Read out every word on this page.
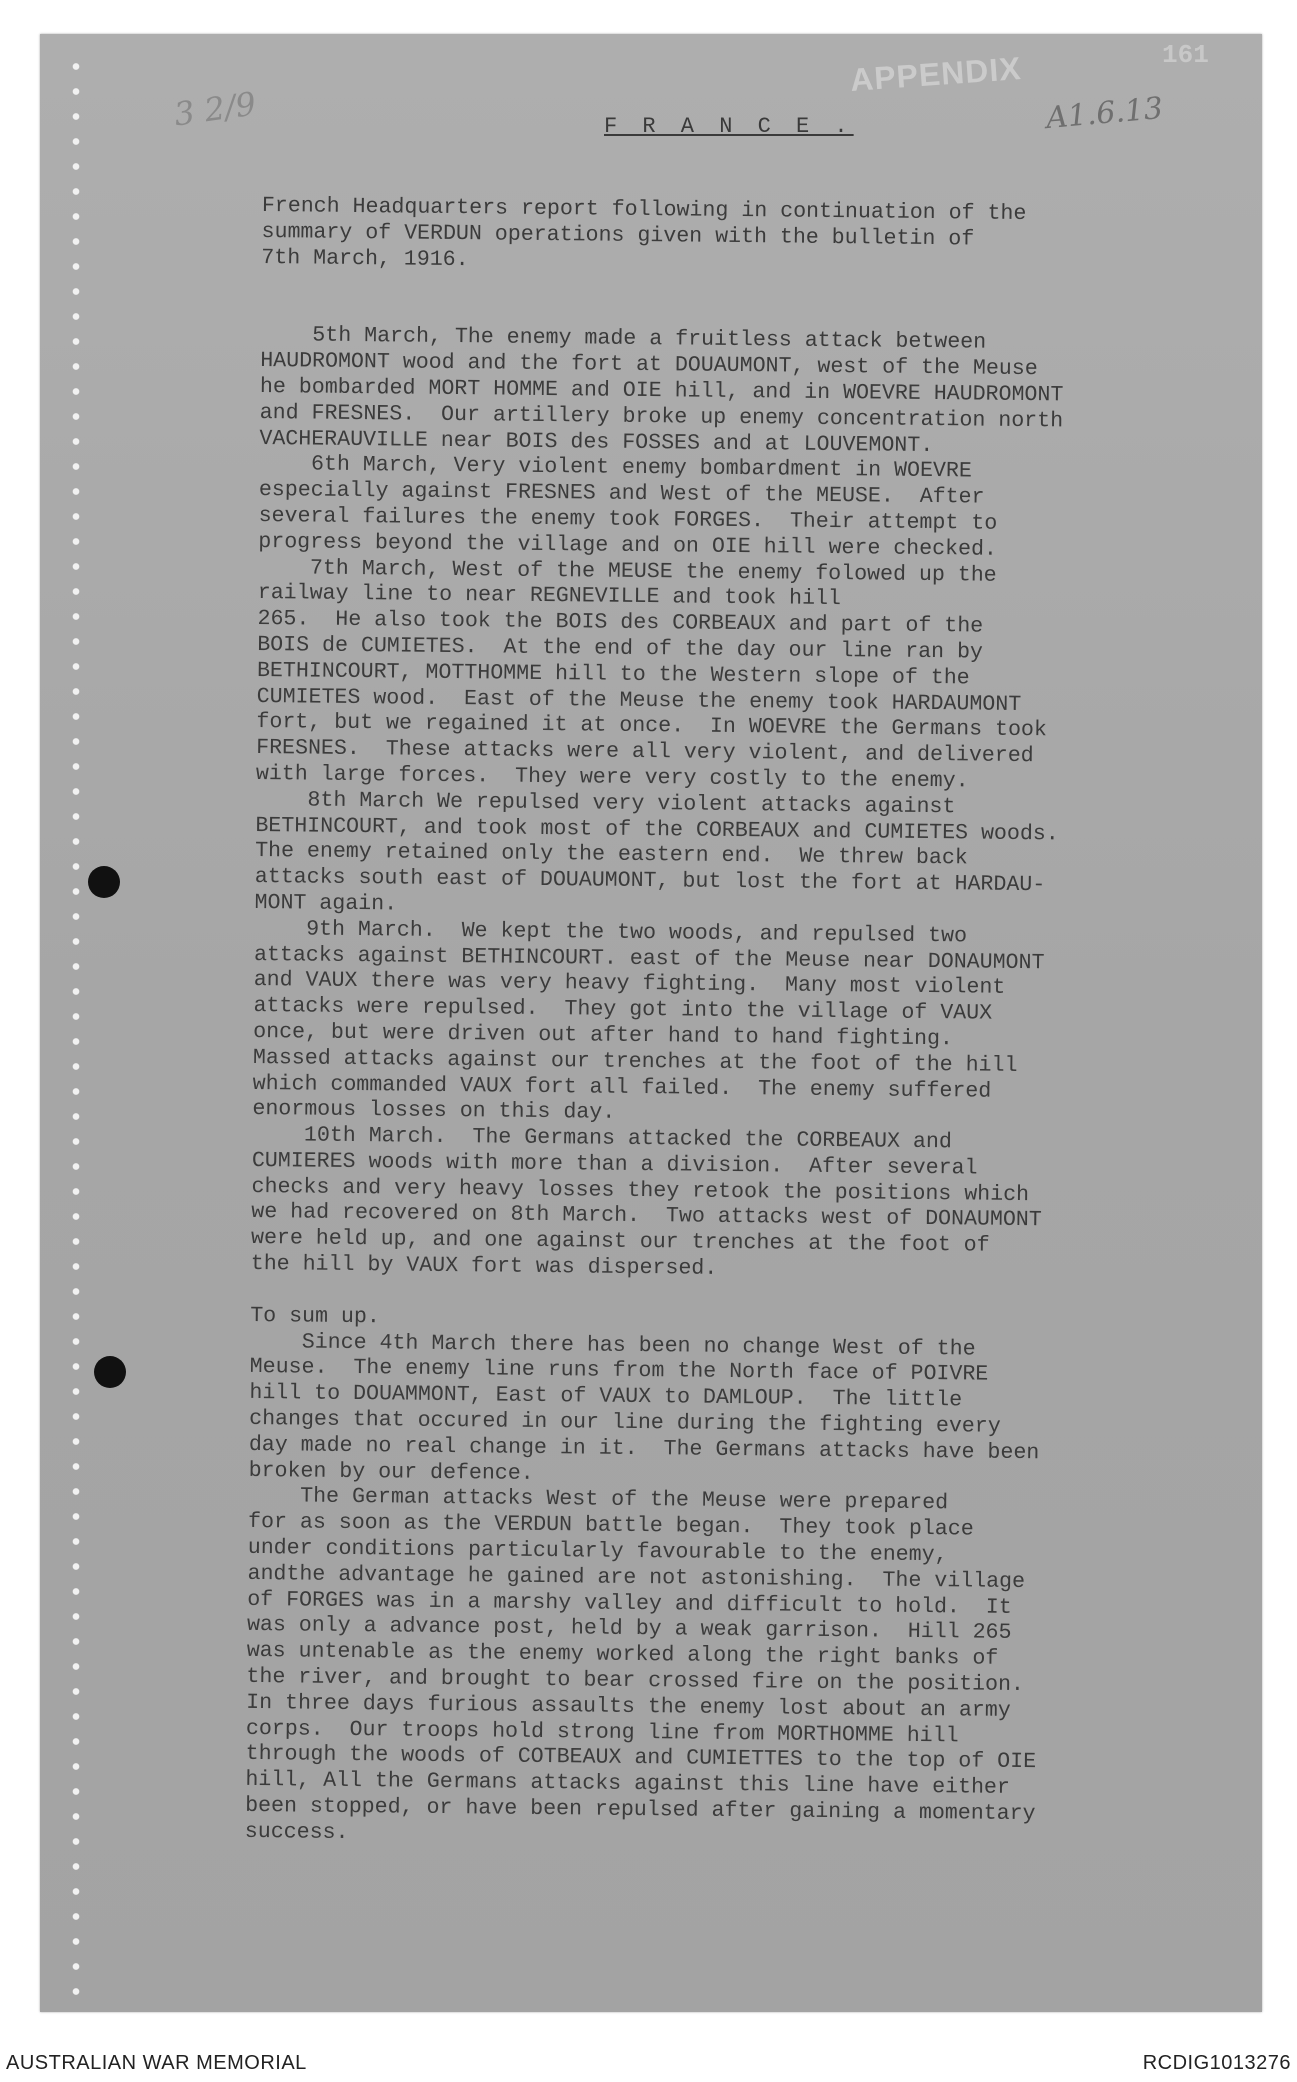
3 2/9
APPENDIX	161
A1.6.13
F R A N C E .
French Headquarters report following in continuation of the
summary of VERDUN operations given with the bulletin of
7th March, 1916.
5th March, The enemy made a fruitless attack between
HAUDROMONT wood and the fort at DOUAUMONT, west of the Meuse
he bombarded MORT HOMME and OIE hill, and in WOEVRE HAUDROMONT
and FRESNES.  Our artillery broke up enemy concentration north
VACHERAUVILLE near BOIS des FOSSES and at LOUVEMONT.
6th March, Very violent enemy bombardment in WOEVRE
especially against FRESNES and West of the MEUSE.  After
several failures the enemy took FORGES.  Their attempt to
progress beyond the village and on OIE hill were checked.
7th March, West of the MEUSE the enemy folowed up the
railway line to near REGNEVILLE and took hill
265.  He also took the BOIS des CORBEAUX and part of the
BOIS de CUMIETES.  At the end of the day our line ran by
BETHINCOURT, MOTTHOMME hill to the Western slope of the
CUMIETES wood.  East of the Meuse the enemy took HARDAUMONT
fort, but we regained it at once.  In WOEVRE the Germans took
FRESNES.  These attacks were all very violent, and delivered
with large forces.  They were very costly to the enemy.
8th March We repulsed very violent attacks against
BETHINCOURT, and took most of the CORBEAUX and CUMIETES woods.
The enemy retained only the eastern end.  We threw back
attacks south east of DOUAUMONT, but lost the fort at HARDAU-
MONT again.
9th March.  We kept the two woods, and repulsed two
attacks against BETHINCOURT. east of the Meuse near DONAUMONT
and VAUX there was very heavy fighting.  Many most violent
attacks were repulsed.  They got into the village of VAUX
once, but were driven out after hand to hand fighting.
Massed attacks against our trenches at the foot of the hill
which commanded VAUX fort all failed.  The enemy suffered
enormous losses on this day.
10th March.  The Germans attacked the CORBEAUX and
CUMIERES woods with more than a division.  After several
checks and very heavy losses they retook the positions which
we had recovered on 8th March.  Two attacks west of DONAUMONT
were held up, and one against our trenches at the foot of
the hill by VAUX fort was dispersed.
To sum up.
Since 4th March there has been no change West of the
Meuse.  The enemy line runs from the North face of POIVRE
hill to DOUAMMONT, East of VAUX to DAMLOUP.  The little
changes that occured in our line during the fighting every
day made no real change in it.  The Germans attacks have been
broken by our defence.
The German attacks West of the Meuse were prepared
for as soon as the VERDUN battle began.  They took place
under conditions particularly favourable to the enemy,
andthe advantage he gained are not astonishing.  The village
of FORGES was in a marshy valley and difficult to hold.  It
was only a advance post, held by a weak garrison.  Hill 265
was untenable as the enemy worked along the right banks of
the river, and brought to bear crossed fire on the position.
In three days furious assaults the enemy lost about an army
corps.  Our troops hold strong line from MORTHOMME hill
through the woods of COTBEAUX and CUMIETTES to the top of OIE
hill, All the Germans attacks against this line have either
been stopped, or have been repulsed after gaining a momentary
success.
AUSTRALIAN WAR MEMORIAL	RCDIG1013276
